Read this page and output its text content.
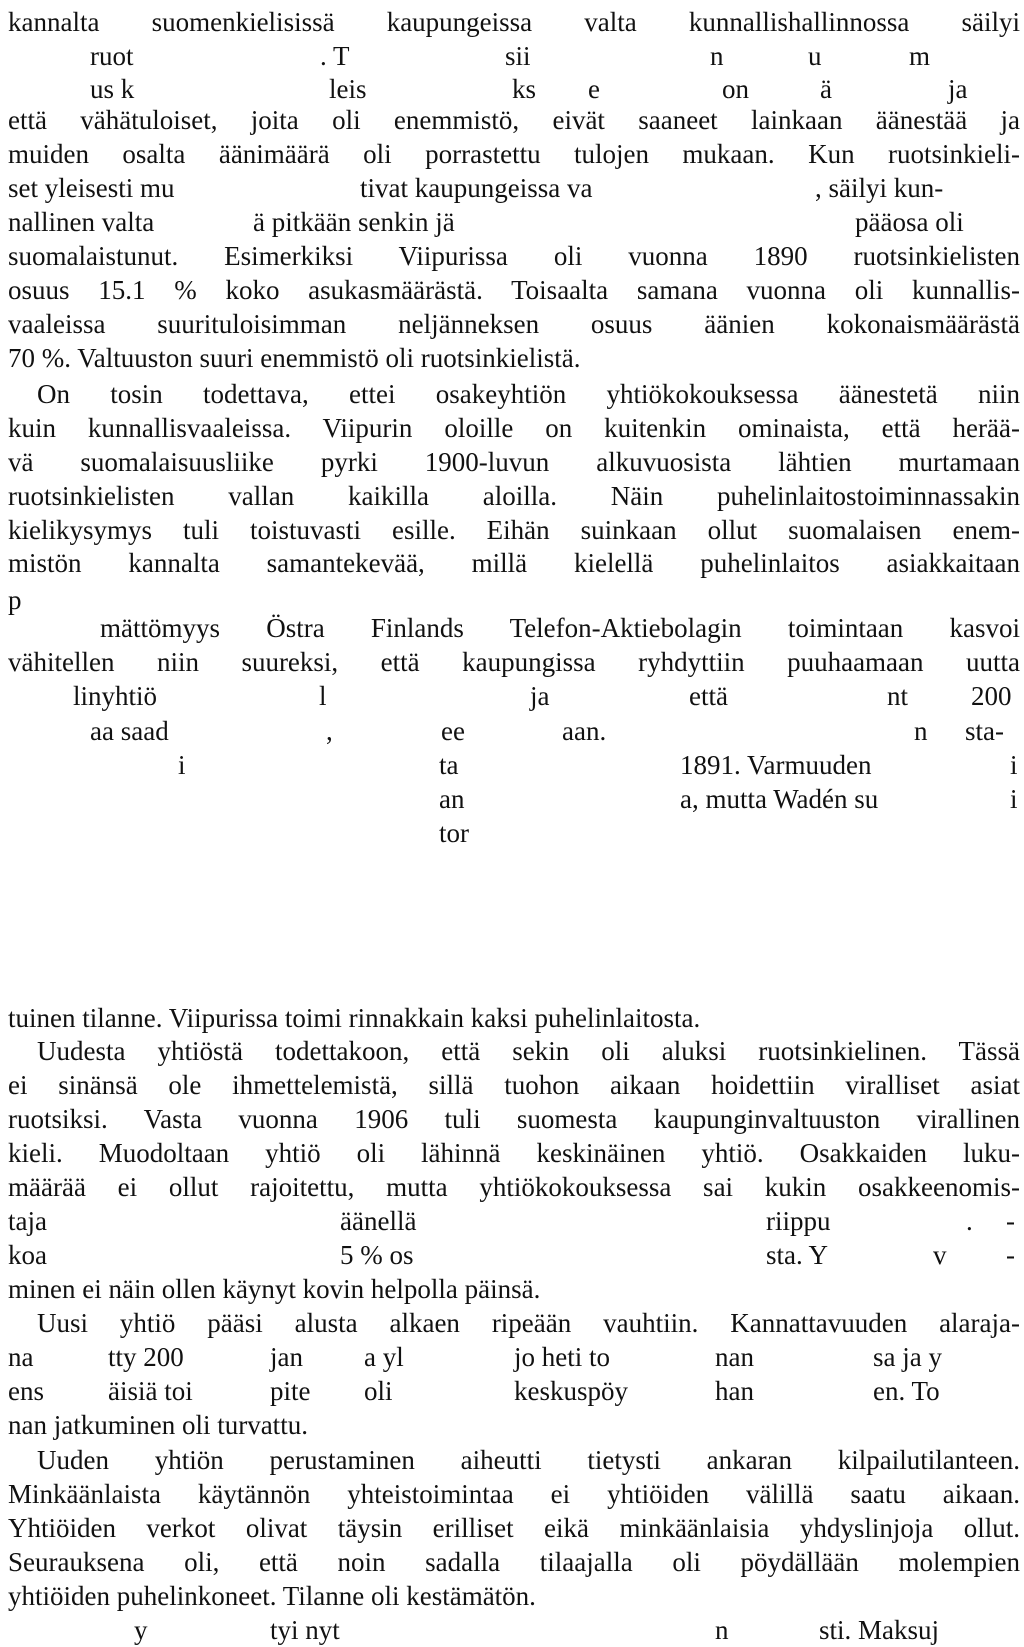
kannalta suomenkielisissä kaupungeissa valta kunnallishallinnossa säilyi
ruot	. T	sii	n	u	m
us k	leis	ks e	on	ä	ja
että vähätuloiset, joita oli enemmistö, eivät saaneet lainkaan äänestää ja
muiden osalta äänimäärä oli porrastettu tulojen mukaan. Kun ruotsinkieli-
set yleisesti mu	tivat kaupungeissa va	, säilyi kun-
nallinen valta	ä pitkään senkin jä	pääosa oli
suomalaistunut. Esimerkiksi Viipurissa oli vuonna 1890 ruotsinkielisten
osuus 15.1 % koko asukasmäärästä. Toisaalta samana vuonna oli kunnallis-
vaaleissa suurituloisimman neljänneksen osuus äänien kokonaismäärästä
70 %. Valtuuston suuri enemmistö oli ruotsinkielistä.
On tosin todettava, ettei osakeyhtiön yhtiökokouksessa äänestetä niin
kuin kunnallisvaaleissa. Viipurin oloille on kuitenkin ominaista, että herää-
vä suomalaisuusliike pyrki 1900-luvun alkuvuosista lähtien murtamaan
ruotsinkielisten vallan kaikilla aloilla. Näin puhelinlaitostoiminnassakin
kielikysymys tuli toistuvasti esille. Eihän suinkaan ollut suomalaisen enem-
mistön kannalta samantekevää, millä kielellä puhelinlaitos asiakkaitaan
p
mättömyys Östra Finlands Telefon-Aktiebolagin toimintaan kasvoi
vähitellen niin suureksi, että kaupungissa ryhdyttiin puuhaamaan uutta
linyhtiö	l	ja	että	nt 200
aa saad	,	ee	aan.	n sta-
i	ta	1891. Varmuuden	i
an	a, mutta Wadén su	i
tor
tuinen tilanne. Viipurissa toimi rinnakkain kaksi puhelinlaitosta.
Uudesta yhtiöstä todettakoon, että sekin oli aluksi ruotsinkielinen. Tässä
ei sinänsä ole ihmettelemistä, sillä tuohon aikaan hoidettiin viralliset asiat
ruotsiksi. Vasta vuonna 1906 tuli suomesta kaupunginvaltuuston virallinen
kieli. Muodoltaan yhtiö oli lähinnä keskinäinen yhtiö. Osakkaiden luku-
määrää ei ollut rajoitettu, mutta yhtiökokouksessa sai kukin osakkeenomis-
taja	äänellä	riippu	. -
koa	5 % os	sta. Y	v -
minen ei näin ollen käynyt kovin helpolla päinsä.
Uusi yhtiö pääsi alusta alkaen ripeään vauhtiin. Kannattavuuden alaraja-
na	tty 200	jan a yl	jo heti to	nan	sa ja y
ens äisiä toi	pite oli	keskuspöy	han	en. To
nan jatkuminen oli turvattu.
Uuden yhtiön perustaminen aiheutti tietysti ankaran kilpailutilanteen.
Minkäänlaista käytännön yhteistoimintaa ei yhtiöiden välillä saatu aikaan.
Yhtiöiden verkot olivat täysin erilliset eikä minkäänlaisia yhdyslinjoja ollut.
Seurauksena oli, että noin sadalla tilaajalla oli pöydällään molempien
yhtiöiden puhelinkoneet. Tilanne oli kestämätön.
y	tyi nyt	n	sti. Maksuj
